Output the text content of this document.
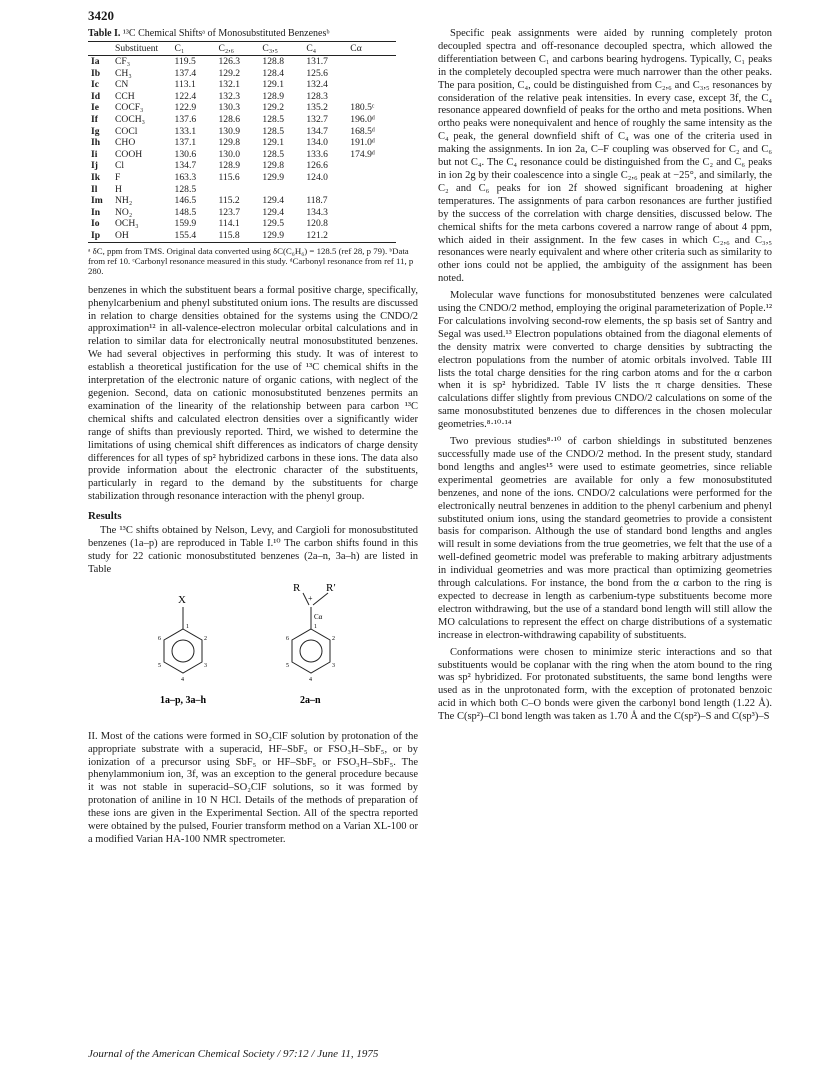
3420
Table I. ¹³C Chemical Shiftsᵃ of Monosubstituted Benzenesᵇ
	Substituent		C₁	C₂,₆	C₃,₅	C₄	Cα
Ia	CF₃		119.5	126.3	128.8	131.7	
Ib	CH₃		137.4	129.2	128.4	125.6	
Ic	CN		113.1	132.1	129.1	132.4	
Id	CCH		122.4	132.3	128.9	128.3	
Ie	COCF₃		122.9	130.3	129.2	135.2	180.5ᶜ
If	COCH₃		137.6	128.6	128.5	132.7	196.0ᵈ
Ig	COCl		133.1	130.9	128.5	134.7	168.5ᵈ
Ih	CHO		137.1	129.8	129.1	134.0	191.0ᵈ
Ii	COOH		130.6	130.0	128.5	133.6	174.9ᵈ
Ij	Cl		134.7	128.9	129.8	126.6	
Ik	F		163.3	115.6	129.9	124.0	
Il	H		128.5				
Im	NH₂		146.5	115.2	129.4	118.7	
In	NO₂		148.5	123.7	129.4	134.3	
Io	OCH₃		159.9	114.1	129.5	120.8	
Ip	OH		155.4	115.8	129.9	121.2	
ᵃ δC, ppm from TMS. Original data converted using δC(C₆H₆) = 128.5 (ref 28, p 79). ᵇData from ref 10. ᶜCarbonyl resonance measured in this study. ᵈCarbonyl resonance from ref 11, p 280.

benzenes in which the substituent bears a formal positive charge, specifically, phenylcarbenium and phenyl substituted onium ions. The results are discussed in relation to charge densities obtained for the systems using the CNDO/2 approximation¹² in all-valence-electron molecular orbital calculations and in relation to similar data for electronically neutral monosubstituted benzenes. We had several objectives in performing this study. It was of interest to establish a theoretical justification for the use of ¹³C chemical shifts in the interpretation of the electronic nature of organic cations, with neglect of the gegenion. Second, data on cationic monosubstituted benzenes permits an examination of the linearity of the relationship between para carbon ¹³C chemical shifts and calculated electron densities over a significantly wider range of shifts than previously reported. Third, we wished to determine the limitations of using chemical shift differences as indicators of charge density differences for all types of sp² hybridized carbons in these ions. The data also provide information about the electronic character of the substituents, particularly in regard to the demand by the substituents for charge stabilization through resonance interaction with the phenyl group.

Results

The ¹³C shifts obtained by Nelson, Levy, and Cargioli for monosubstituted benzenes (1a–p) are reproduced in Table I.¹⁰ The carbon shifts found in this study for 22 cationic monosubstituted benzenes (2a–n, 3a–h) are listed in Table

X
1
2
3
4
5
6
1a–p, 3a–h
R R′
+
Cα
1
2
3
4
5
6
2a–n

II. Most of the cations were formed in SO₂ClF solution by protonation of the appropriate substrate with a superacid, HF–SbF₅ or FSO₃H–SbF₅, or by ionization of a precursor using SbF₅ or HF–SbF₅ or FSO₃H–SbF₅. The phenylammonium ion, 3f, was an exception to the general procedure because it was not stable in superacid–SO₂ClF solutions, so it was formed by protonation of aniline in 10 N HCl. Details of the methods of preparation of these ions are given in the Experimental Section. All of the spectra reported were obtained by the pulsed, Fourier transform method on a Varian XL-100 or a modified Varian HA-100 NMR spectrometer.

Specific peak assignments were aided by running completely proton decoupled spectra and off-resonance decoupled spectra, which allowed the differentiation between C₁ and carbons bearing hydrogens. Typically, C₁ peaks in the completely decoupled spectra were much narrower than the other peaks. The para position, C₄, could be distinguished from C₂,₆ and C₃,₅ resonances by consideration of the relative peak intensities. In every case, except 3f, the C₄ resonance appeared downfield of peaks for the ortho and meta positions. When ortho peaks were nonequivalent and hence of roughly the same intensity as the C₄ peak, the general downfield shift of C₄ was one of the criteria used in making the assignments. In ion 2a, C–F coupling was observed for C₂ and C₆ but not C₄. The C₄ resonance could be distinguished from the C₂ and C₆ peaks in ion 2g by their coalescence into a single C₂,₆ peak at −25°, and similarly, the C₂ and C₆ peaks for ion 2f showed significant broadening at higher temperatures. The assignments of para carbon resonances are further justified by the success of the correlation with charge densities, discussed below. The chemical shifts for the meta carbons covered a narrow range of about 4 ppm, which aided in their assignment. In the few cases in which C₂,₆ and C₃,₅ resonances were nearly equivalent and where other criteria such as similarity to other ions could not be applied, the ambiguity of the assignment has been noted.

Molecular wave functions for monosubstituted benzenes were calculated using the CNDO/2 method, employing the original parameterization of Pople.¹² For calculations involving second-row elements, the sp basis set of Santry and Segal was used.¹³ Electron populations obtained from the diagonal elements of the density matrix were converted to charge densities by subtracting the electron populations from the number of atomic orbitals involved. Table III lists the total charge densities for the ring carbon atoms and for the α carbon when it is sp² hybridized. Table IV lists the π charge densities. These calculations differ slightly from previous CNDO/2 calculations on some of the same monosubstituted benzenes due to differences in the chosen molecular geometries.⁸·¹⁰·¹⁴

Two previous studies⁸·¹⁰ of carbon shieldings in substituted benzenes successfully made use of the CNDO/2 method. In the present study, standard bond lengths and angles¹⁵ were used to estimate geometries, since reliable experimental geometries are available for only a few monosubstituted benzenes, and none of the ions. CNDO/2 calculations were performed for the electronically neutral benzenes in addition to the phenyl carbenium and phenyl substituted onium ions, using the standard geometries to provide a consistent basis for comparison. Although the use of standard bond lengths and angles will result in some deviations from the true geometries, we felt that the use of a well-defined geometric model was preferable to making arbitrary adjustments in individual geometries and was more practical than optimizing geometries through calculations. For instance, the bond from the α carbon to the ring is expected to decrease in length as carbenium-type substituents become more electron withdrawing, but the use of a standard bond length will still allow the MO calculations to represent the effect on charge distributions of a systematic increase in electron-withdrawing capability of substituents.

Conformations were chosen to minimize steric interactions and so that substituents would be coplanar with the ring when the atom bound to the ring was sp² hybridized. For protonated substituents, the same bond lengths were used as in the unprotonated form, with the exception of protonated benzoic acid in which both C–O bonds were given the carbonyl bond length (1.22 Å). The C(sp²)–Cl bond length was taken as 1.70 Å and the C(sp²)–S and C(sp³)–S

Journal of the American Chemical Society / 97:12 / June 11, 1975
